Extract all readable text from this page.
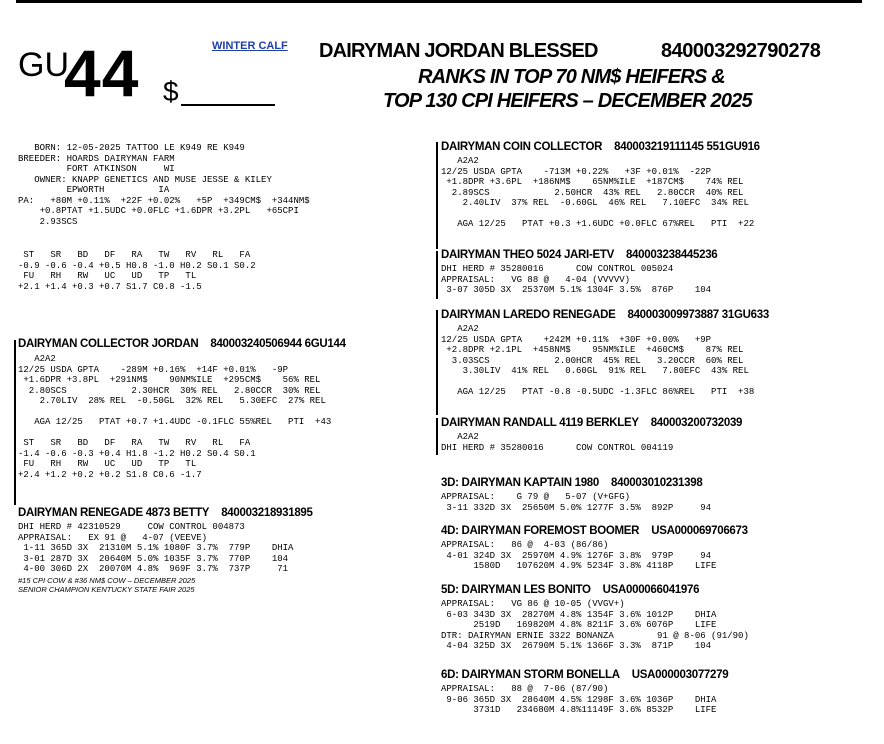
GU
44 $
WINTER CALF DAIRYMAN JORDAN BLESSED	840003292790278
RANKS IN TOP 70 NM$ HEIFERS &
TOP 130 CPI HEIFERS – DECEMBER 2025
BORN: 12-05-2025 TATTOO LE K949 RE K949
BREEDER: HOARDS DAIRYMAN FARM
FORT ATKINSON     WI
OWNER: KNAPP GENETICS AND MUSE JESSE & KILEY
EPWORTH          IA
PA:   +80M +0.11%  +22F +0.02%   +5P  +349CM$  +344NM$
+0.8PTAT +1.5UDC +0.0FLC +1.6DPR +3.2PL   +65CPI
2.93SCS
ST   SR   BD   DF   RA   TW   RV   RL   FA
-0.9 -0.6 -0.4 +0.5 H0.8 -1.0 H0.2 S0.1 S0.2
FU   RH   RW   UC   UD   TP   TL
+2.1 +1.4 +0.3 +0.7 S1.7 C0.8 -1.5
DAIRYMAN COLLECTOR JORDAN 840003240506944 6GU144
A2A2
12/25 USDA GPTA    -289M +0.16%  +14F +0.01%   -9P
+1.6DPR +3.8PL  +291NM$    90NM%ILE  +295CM$    56% REL
2.80SCS            2.30HCR  30% REL   2.80CCR  30% REL
2.70LIV  28% REL  -0.50GL  32% REL   5.30EFC  27% REL

AGA 12/25   PTAT +0.7 +1.4UDC -0.1FLC 55%REL   PTI  +43

ST   SR   BD   DF   RA   TW   RV   RL   FA
-1.4 -0.6 -0.3 +0.4 H1.8 -1.2 H0.2 S0.4 S0.1
FU   RH   RW   UC   UD   TP   TL
+2.4 +1.2 +0.2 +0.2 S1.8 C0.6 -1.7
DAIRYMAN RENEGADE 4873 BETTY 840003218931895
DHI HERD # 42310529     COW CONTROL 004873
APPRAISAL:   EX 91 @   4-07 (VEEVE)
1-11 365D 3X  21310M 5.1% 1080F 3.7%  779P    DHIA
3-01 287D 3X  20640M 5.0% 1035F 3.7%  770P    104
4-00 306D 2X  20070M 4.8%  969F 3.7%  737P     71
#15 CPI COW & #36 NM$ COW – DECEMBER 2025
SENIOR CHAMPION KENTUCKY STATE FAIR 2025
DAIRYMAN COIN COLLECTOR 840003219111145 551GU916
A2A2
12/25 USDA GPTA    -713M +0.22%   +3F +0.01%  -22P
+1.8DPR +3.6PL  +186NM$    65NM%ILE  +187CM$    74% REL
2.89SCS            2.50HCR  43% REL   2.80CCR  40% REL
2.40LIV  37% REL  -0.60GL  46% REL   7.10EFC  34% REL

AGA 12/25   PTAT +0.3 +1.6UDC +0.0FLC 67%REL   PTI  +22
DAIRYMAN THEO 5024 JARI-ETV 840003238445236
DHI HERD # 35280016      COW CONTROL 005024
APPRAISAL:   VG 88 @   4-04 (VVVVV)
3-07 305D 3X  25370M 5.1% 1304F 3.5%  876P    104
DAIRYMAN LAREDO RENEGADE 840003009973887 31GU633
A2A2
12/25 USDA GPTA    +242M +0.11%  +30F +0.00%   +9P
+2.8DPR +2.1PL  +458NM$    95NM%ILE  +460CM$    87% REL
3.03SCS            2.00HCR  45% REL   3.20CCR  60% REL
3.30LIV  41% REL   0.60GL  91% REL   7.80EFC  43% REL

AGA 12/25   PTAT -0.8 -0.5UDC -1.3FLC 86%REL   PTI  +38
DAIRYMAN RANDALL 4119 BERKLEY 840003200732039
A2A2
DHI HERD # 35280016      COW CONTROL 004119
3D: DAIRYMAN KAPTAIN 1980 840003010231398
APPRAISAL:    G 79 @   5-07 (V+GFG)
3-11 332D 3X  25650M 5.0% 1277F 3.5%  892P     94
4D: DAIRYMAN FOREMOST BOOMER USA000069706673
APPRAISAL:   86 @  4-03 (86/86)
4-01 324D 3X  25970M 4.9% 1276F 3.8%  979P     94
1580D   107620M 4.9% 5234F 3.8% 4118P    LIFE
5D: DAIRYMAN LES BONITO USA000066041976
APPRAISAL:   VG 86 @ 10-05 (VVGV+)
6-03 343D 3X  28270M 4.8% 1354F 3.6% 1012P    DHIA
2519D   169820M 4.8% 8211F 3.6% 6076P    LIFE
DTR: DAIRYMAN ERNIE 3322 BONANZA        91 @ 8-06 (91/90)
4-04 325D 3X  26790M 5.1% 1366F 3.3%  871P    104
6D: DAIRYMAN STORM BONELLA USA000003077279
APPRAISAL:   88 @  7-06 (87/90)
9-06 365D 3X  28640M 4.5% 1298F 3.6% 1036P    DHIA
3731D   234680M 4.8%11149F 3.6% 8532P    LIFE
